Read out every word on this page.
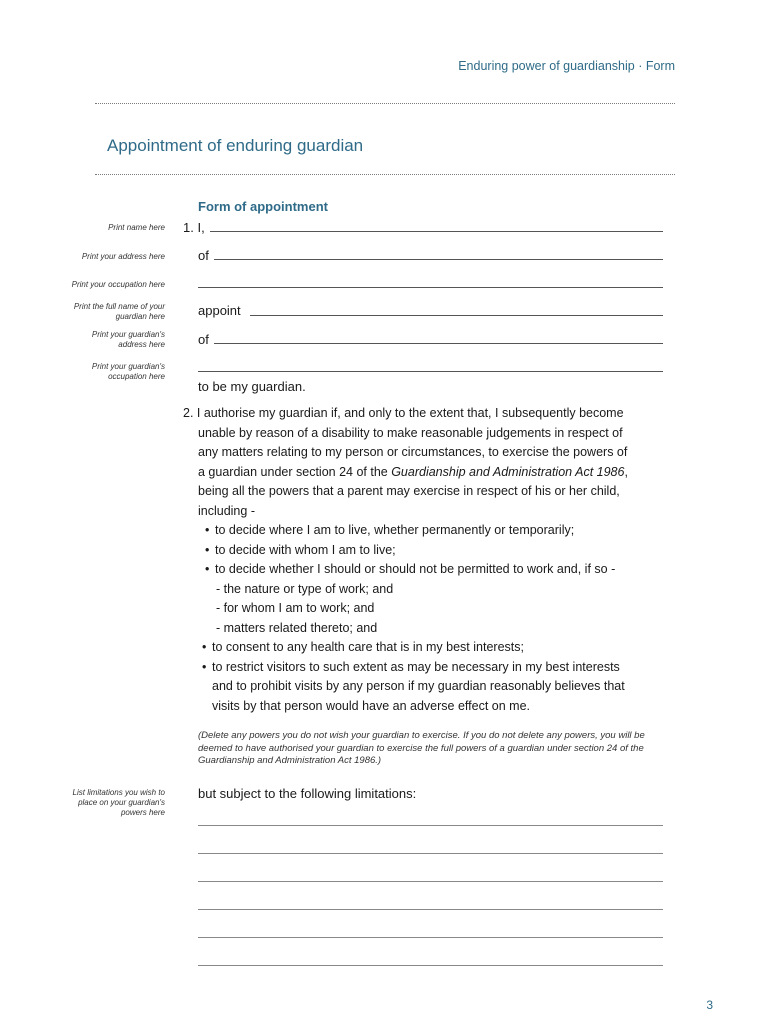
Enduring power of guardianship · Form
Appointment of enduring guardian
Form of appointment
Print name here
Print your address here
Print your occupation here
Print the full name of your guardian here
Print your guardian's address here
Print your guardian's occupation here
List limitations you wish to place on your guardian's powers here
1. I,
of
appoint
of
to be my guardian.
2. I authorise my guardian if, and only to the extent that, I subsequently become
unable by reason of a disability to make reasonable judgements in respect of
any matters relating to my person or circumstances, to exercise the powers of
a guardian under section 24 of the Guardianship and Administration Act 1986,
being all the powers that a parent may exercise in respect of his or her child,
including -
• to decide where I am to live, whether permanently or temporarily;
• to decide with whom I am to live;
• to decide whether I should or should not be permitted to work and, if so -
- the nature or type of work; and
- for whom I am to work; and
- matters related thereto; and
• to consent to any health care that is in my best interests;
• to restrict visitors to such extent as may be necessary in my best interests
and to prohibit visits by any person if my guardian reasonably believes that
visits by that person would have an adverse effect on me.
(Delete any powers you do not wish your guardian to exercise. If you do not delete any powers, you will be deemed to have authorised your guardian to exercise the full powers of a guardian under section 24 of the Guardianship and Administration Act 1986.)
but subject to the following limitations:
3
